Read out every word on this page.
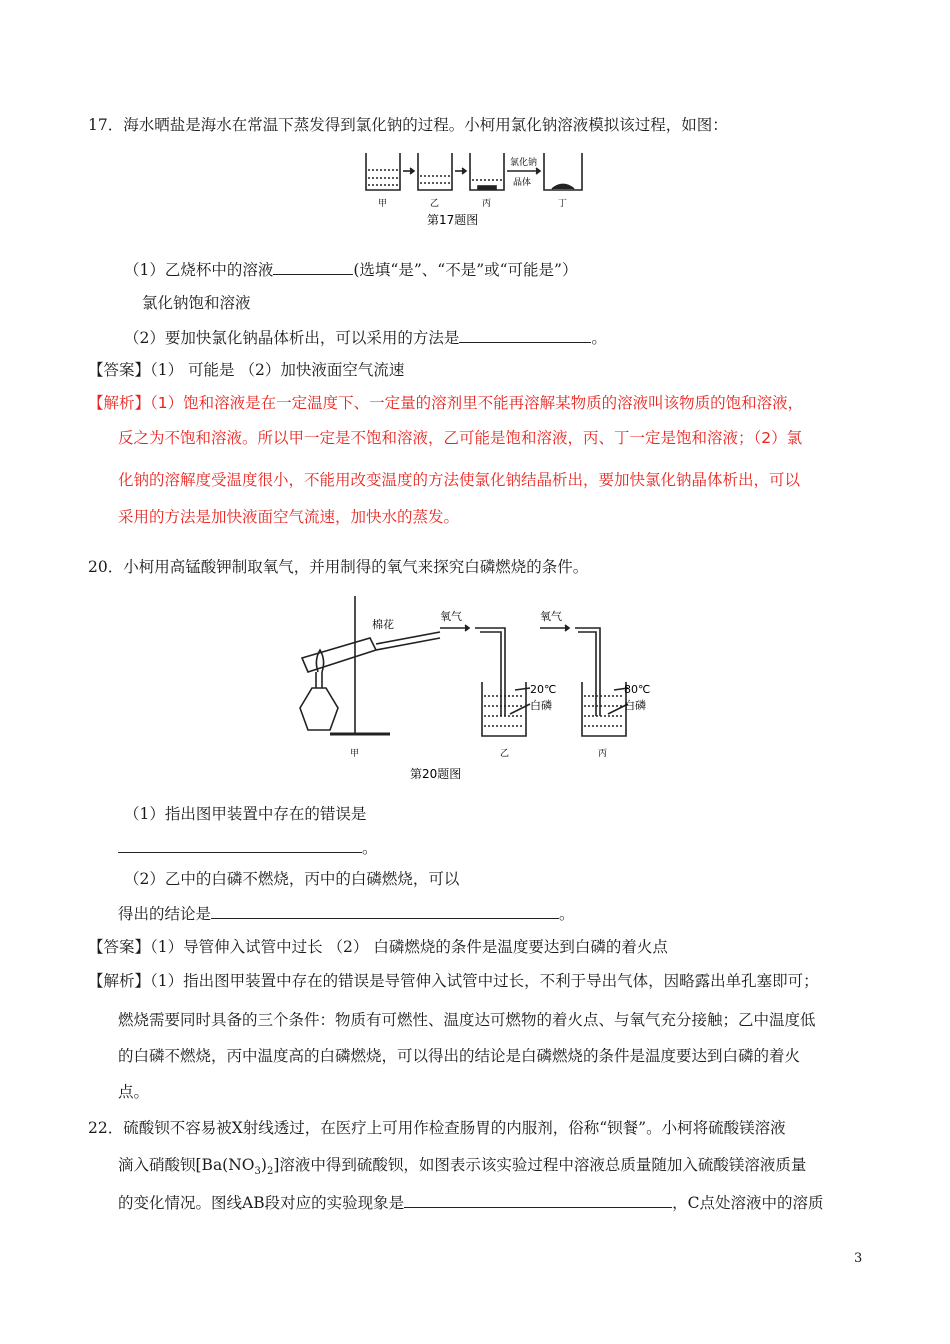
17．海水晒盐是海水在常温下蒸发得到氯化钠的过程。小柯用氯化钠溶液模拟该过程，如图：
氯化钠
晶体
甲	乙	丙	丁
第17题图
（1）乙烧杯中的溶液	(选填“是”、“不是”或“可能是”）
氯化钠饱和溶液
（2）要加快氯化钠晶体析出，可以采用的方法是	。
【答案】（1） 可能是 （2）加快液面空气流速
【解析】（1）饱和溶液是在一定温度下、一定量的溶剂里不能再溶解某物质的溶液叫该物质的饱和溶液，
反之为不饱和溶液。所以甲一定是不饱和溶液，乙可能是饱和溶液，丙、丁一定是饱和溶液；（2）氯
化钠的溶解度受温度很小，不能用改变温度的方法使氯化钠结晶析出，要加快氯化钠晶体析出，可以
采用的方法是加快液面空气流速，加快水的蒸发。
20．小柯用高锰酸钾制取氧气，并用制得的氧气来探究白磷燃烧的条件。
棉花
甲
氧气
20℃
白磷
乙
氧气
80℃
白磷
丙
第20题图
（1）指出图甲装置中存在的错误是
。
（2）乙中的白磷不燃烧，丙中的白磷燃烧，可以
得出的结论是	。
【答案】（1）导管伸入试管中过长 （2） 白磷燃烧的条件是温度要达到白磷的着火点
【解析】（1）指出图甲装置中存在的错误是导管伸入试管中过长，不利于导出气体，因略露出单孔塞即可；
燃烧需要同时具备的三个条件：物质有可燃性、温度达可燃物的着火点、与氧气充分接触；乙中温度低
的白磷不燃烧，丙中温度高的白磷燃烧，可以得出的结论是白磷燃烧的条件是温度要达到白磷的着火
点。
22．硫酸钡不容易被X射线透过，在医疗上可用作检查肠胃的内服剂，俗称“钡餐”。小柯将硫酸镁溶液
滴入硝酸钡$[Ba(NO_3)_2]$溶液中得到硫酸钡，如图表示该实验过程中溶液总质量随加入硫酸镁溶液质量
的变化情况。图线AB段对应的实验现象是	，C点处溶液中的溶质
3
